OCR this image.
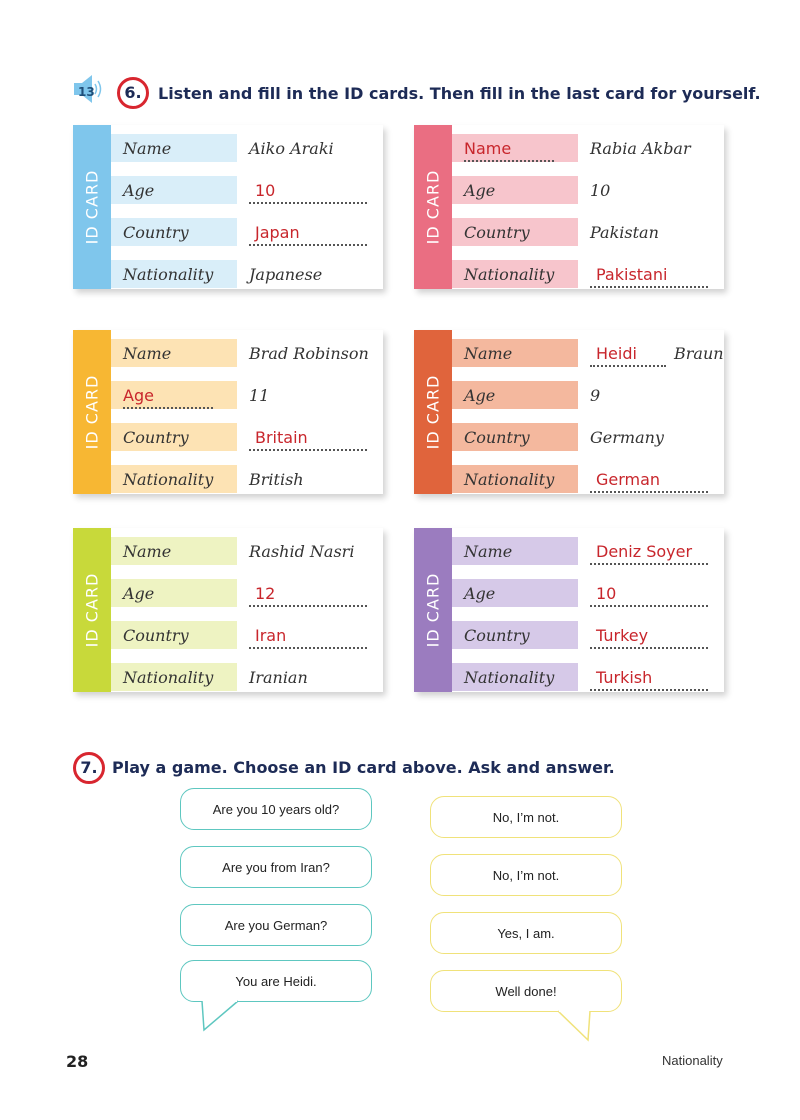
13	6.	Listen and fill in the ID cards. Then fill in the last card for yourself.
ID CARD
Name	Aiko Araki
Age	10
Country	Japan
Nationality	Japanese
ID CARD
Name	Rabia Akbar
Age	10
Country	Pakistan
Nationality	Pakistani
ID CARD
Name	Brad Robinson
Age	11
Country	Britain
Nationality	British
ID CARD
Name	Heidi Braun
Age	9
Country	Germany
Nationality	German
ID CARD
Name	Rashid Nasri
Age	12
Country	Iran
Nationality	Iranian
ID CARD
Name	Deniz Soyer
Age	10
Country	Turkey
Nationality	Turkish
7. Play a game. Choose an ID card above. Ask and answer.
Are you 10 years old?
Are you from Iran?
Are you German?
You are Heidi.
No, I’m not.
No, I’m not.
Yes, I am.
Well done!
28	Nationality
